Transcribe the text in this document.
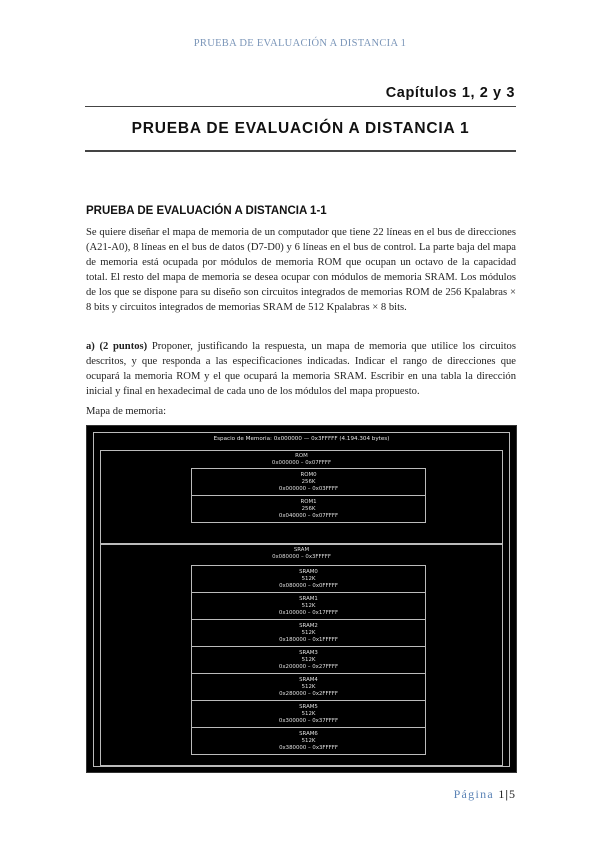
PRUEBA DE EVALUACIÓN A DISTANCIA 1
Capítulos 1, 2 y 3
PRUEBA DE EVALUACIÓN A DISTANCIA 1
PRUEBA DE EVALUACIÓN A DISTANCIA 1-1

Se quiere diseñar el mapa de memoria de un computador que tiene 22 líneas en el bus de direcciones (A21-A0), 8 líneas en el bus de datos (D7-D0) y 6 líneas en el bus de control. La parte baja del mapa de memoria está ocupada por módulos de memoria ROM que ocupan un octavo de la capacidad total. El resto del mapa de memoria se desea ocupar con módulos de memoria SRAM. Los módulos de los que se dispone para su diseño son circuitos integrados de memorias ROM de 256 Kpalabras × 8 bits y circuitos integrados de memorias SRAM de 512 Kpalabras × 8 bits.

a) (2 puntos) Proponer, justificando la respuesta, un mapa de memoria que utilice los circuitos descritos, y que responda a las especificaciones indicadas. Indicar el rango de direcciones que ocupará la memoria ROM y el que ocupará la memoria SRAM. Escribir en una tabla la dirección inicial y final en hexadecimal de cada uno de los módulos del mapa propuesto.

Mapa de memoria:

Espacio de Memoria: 0x000000 — 0x3FFFFF (4.194.304 bytes)
ROM
0x000000 – 0x07FFFF
ROM0
256K
0x000000 – 0x03FFFF
ROM1
256K
0x040000 – 0x07FFFF
SRAM
0x080000 – 0x3FFFFF
SRAM0
512K
0x080000 – 0x0FFFFF
SRAM1
512K
0x100000 – 0x17FFFF
SRAM2
512K
0x180000 – 0x1FFFFF
SRAM3
512K
0x200000 – 0x27FFFF
SRAM4
512K
0x280000 – 0x2FFFFF
SRAM5
512K
0x300000 – 0x37FFFF
SRAM6
512K
0x380000 – 0x3FFFFF
Página 1|5
